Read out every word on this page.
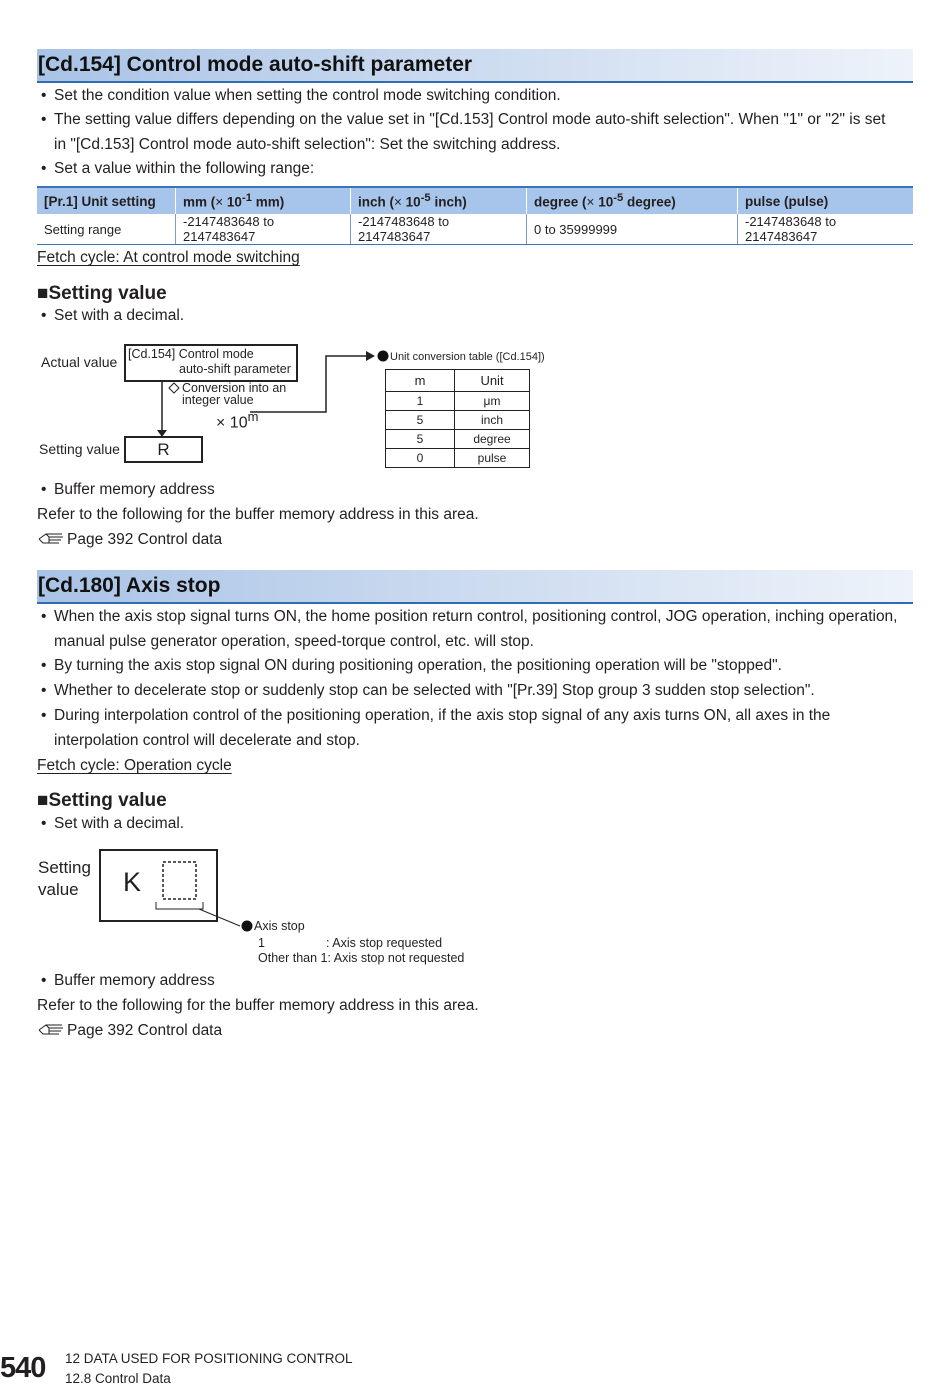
[Cd.154] Control mode auto-shift parameter
• Set the condition value when setting the control mode switching condition.
• The setting value differs depending on the value set in "[Cd.153] Control mode auto-shift selection". When "1" or "2" is set
in "[Cd.153] Control mode auto-shift selection": Set the switching address.
• Set a value within the following range:
[Pr.1] Unit setting	mm (× $10^{-1}$ mm)	inch (× $10^{-5}$ inch)	degree (× $10^{-5}$ degree)	pulse (pulse)
Setting range	-2147483648 to 2147483647	-2147483648 to 2147483647	0 to 35999999	-2147483648 to 2147483647
Fetch cycle: At control mode switching
■Setting value
• Set with a decimal.
Actual value [Cd.154] Control mode
auto-shift parameter
Conversion into an
integer value
× $10^m$
Setting value	R
Unit conversion table ([Cd.154])
m	Unit
1	μm
5	inch
5	degree
0	pulse
• Buffer memory address
Refer to the following for the buffer memory address in this area.
Page 392 Control data
[Cd.180] Axis stop
• When the axis stop signal turns ON, the home position return control, positioning control, JOG operation, inching operation,
manual pulse generator operation, speed-torque control, etc. will stop.
• By turning the axis stop signal ON during positioning operation, the positioning operation will be "stopped".
• Whether to decelerate stop or suddenly stop can be selected with "[Pr.39] Stop group 3 sudden stop selection".
• During interpolation control of the positioning operation, if the axis stop signal of any axis turns ON, all axes in the
interpolation control will decelerate and stop.
Fetch cycle: Operation cycle
■Setting value
• Set with a decimal.
Setting
value	K
Axis stop
1	: Axis stop requested
Other than 1: Axis stop not requested
• Buffer memory address
Refer to the following for the buffer memory address in this area.
Page 392 Control data
540 12 DATA USED FOR POSITIONING CONTROL
12.8 Control Data
